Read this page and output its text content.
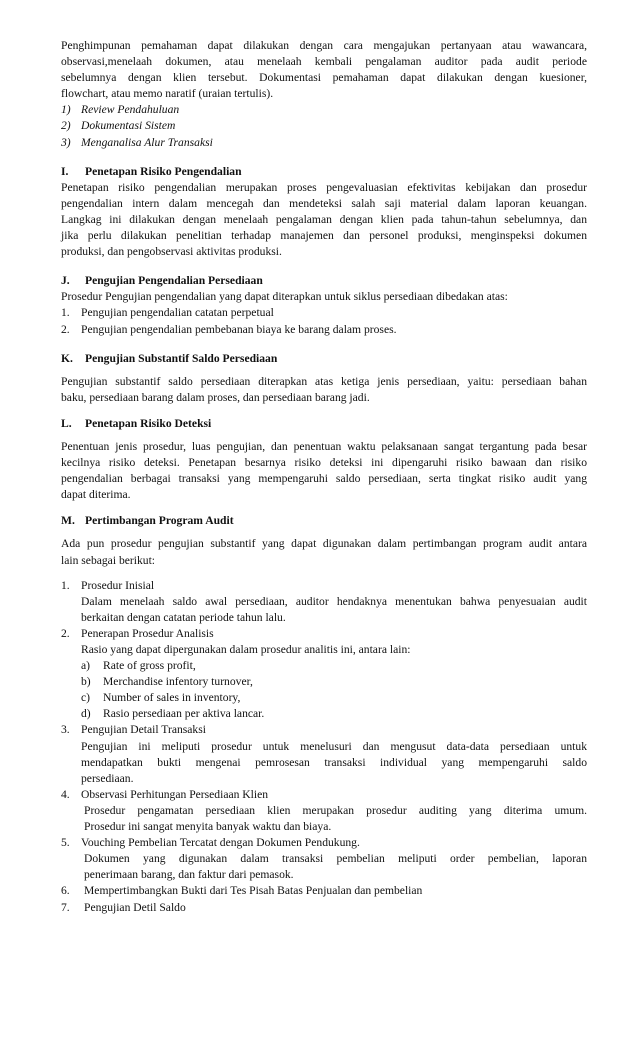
Penghimpunan pemahaman dapat dilakukan dengan cara mengajukan pertanyaan atau wawancara,

observasi,menelaah dokumen, atau menelaah kembali pengalaman auditor pada audit periode

sebelumnya dengan klien tersebut. Dokumentasi pemahaman dapat dilakukan dengan kuesioner,

flowchart, atau memo naratif (uraian tertulis).

1) Review Pendahuluan
2) Dokumentasi Sistem
3) Menganalisa Alur Transaksi

I. Penetapan Risiko Pengendalian

Penetapan risiko pengendalian merupakan proses pengevaluasian efektivitas kebijakan dan prosedur

pengendalian intern dalam mencegah dan mendeteksi salah saji material dalam laporan keuangan.

Langkag ini dilakukan dengan menelaah pengalaman dengan klien pada tahun-tahun sebelumnya, dan

jika perlu dilakukan penelitian terhadap manajemen dan personel produksi, menginspeksi dokumen

produksi, dan pengobservasi aktivitas produksi.

J. Pengujian Pengendalian Persediaan

Prosedur Pengujian pengendalian yang dapat diterapkan untuk siklus persediaan dibedakan atas:

1. Pengujian pengendalian catatan perpetual
2. Pengujian pengendalian pembebanan biaya ke barang dalam proses.

K. Pengujian Substantif Saldo Persediaan

Pengujian substantif saldo persediaan diterapkan atas ketiga jenis persediaan, yaitu: persediaan bahan

baku, persediaan barang dalam proses, dan persediaan barang jadi.

L. Penetapan Risiko Deteksi

Penentuan jenis prosedur, luas pengujian, dan penentuan waktu pelaksanaan sangat tergantung pada besar

kecilnya risiko deteksi. Penetapan besarnya risiko deteksi ini dipengaruhi risiko bawaan dan risiko

pengendalian berbagai transaksi yang mempengaruhi saldo persediaan, serta tingkat risiko audit yang

dapat diterima.

M. Pertimbangan Program Audit

Ada pun prosedur pengujian substantif yang dapat digunakan dalam pertimbangan program audit antara

lain sebagai berikut:

1. Prosedur Inisial

Dalam menelaah saldo awal persediaan, auditor hendaknya menentukan bahwa penyesuaian audit

berkaitan dengan catatan periode tahun lalu.

2. Penerapan Prosedur Analisis

Rasio yang dapat dipergunakan dalam prosedur analitis ini, antara lain:

a)	Rate of gross profit,
b)	Merchandise infentory turnover,
c)	Number of sales in inventory,
d)	Rasio persediaan per aktiva lancar.
3. Pengujian Detail Transaksi

Pengujian ini meliputi prosedur untuk menelusuri dan mengusut data-data persediaan untuk

mendapatkan bukti mengenai pemrosesan transaksi individual yang mempengaruhi saldo

persediaan.

4. Observasi Perhitungan Persediaan Klien

Prosedur pengamatan persediaan klien merupakan prosedur auditing yang diterima umum.

Prosedur ini sangat menyita banyak waktu dan biaya.

5. Vouching Pembelian Tercatat dengan Dokumen Pendukung.

Dokumen yang digunakan dalam transaksi pembelian meliputi order pembelian, laporan

penerimaan barang, dan faktur dari pemasok.

6.	Mempertimbangkan Bukti dari Tes Pisah Batas Penjualan dan pembelian
7.	Pengujian Detil Saldo
